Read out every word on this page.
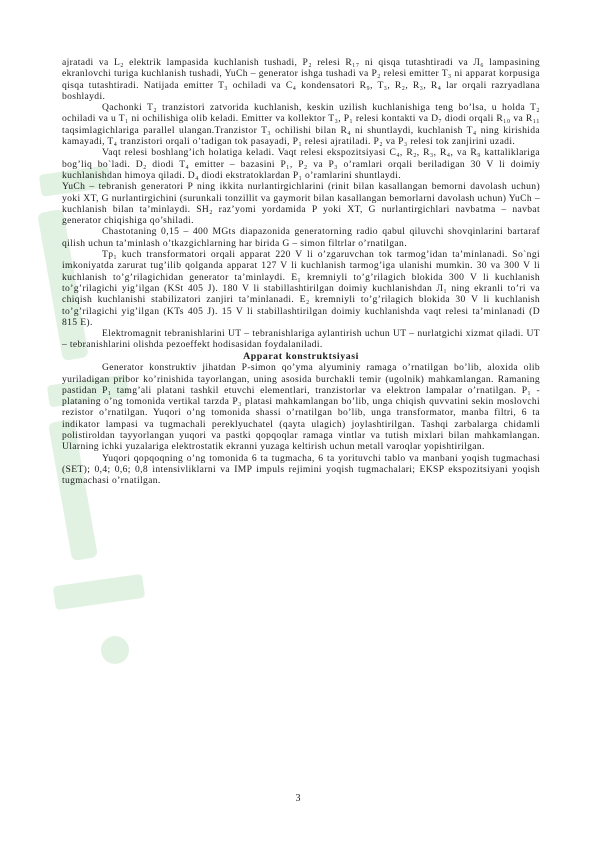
ajratadi va L₂ elektrik lampasida kuchlanish tushadi, P₂ relesi R₁₇ ni qisqa tutashtiradi va Л₆ lampasining ekranlovchi turiga kuchlanish tushadi, YuCh – generator ishga tushadi va P₂ relesi emitter T₃ ni apparat korpusiga qisqa tutashtiradi. Natijada emitter T₃ ochiladi va C₄ kondensatori R₉, T₃, R₂, R₃, R₄ lar orqali razryadlana boshlaydi.

Qachonki T₂ tranzistori zatvorida kuchlanish, keskin uzilish kuchlanishiga teng bo’lsa, u holda T₂ ochiladi va u T₁ ni ochilishiga olib keladi. Emitter va kollektor T₃, P₁ relesi kontakti va D₇ diodi orqali R₁₀ va R₁₁ taqsimlagichlariga parallel ulangan.Tranzistor T₃ ochilishi bilan R₄ ni shuntlaydi, kuchlanish T₄ ning kirishida kamayadi, T₄ tranzistori orqali o’tadigan tok pasayadi, P₁ relesi ajratiladi. P₂ va P₃ relesi tok zanjirini uzadi.

Vaqt relesi boshlang’ich holatiga keladi. Vaqt relesi ekspozitsiyasi C₄, R₂, R₃, R₄, va R₉ kattaliklariga bog’liq bo`ladi. D₂ diodi T₄ emitter – bazasini P₁, P₂ va P₃ o’ramlari orqali beriladigan 30 V li doimiy kuchlanishdan himoya qiladi. D₄ diodi ekstratoklardan P₁ o’ramlarini shuntlaydi.

YuCh – tebranish generatori P ning ikkita nurlantirgichlarini (rinit bilan kasallangan bemorni davolash uchun) yoki XT, G nurlantirgichini (surunkali tonzillit va gaymorit bilan kasallangan bemorlarni davolash uchun) YuCh – kuchlanish bilan ta’minlaydi. SH₂ raz’yomi yordamida P yoki XT, G nurlantirgichlari navbatma – navbat generator chiqishiga qo’shiladi.

Chastotaning 0,15 – 400 MGts diapazonida generatorning radio qabul qiluvchi shovqinlarini bartaraf qilish uchun ta’minlash o’tkazgichlarning har birida G – simon filtrlar o’rnatilgan.

Tp₁ kuch transformatori orqali apparat 220 V li o’zgaruvchan tok tarmog’idan ta’minlanadi. So`ngi imkoniyatda zarurat tug’ilib qolganda apparat 127 V li kuchlanish tarmog’iga ulanishi mumkin. 30 va 300 V li kuchlanish to’g’rilagichidan generator ta’minlaydi. E₁ kremniyli to’g’rilagich blokida 300 V li kuchlanish to’g’rilagichi yig’ilgan (KSt 405 J). 180 V li stabillashtirilgan doimiy kuchlanishdan Л₁ ning ekranli to’ri va chiqish kuchlanishi stabilizatori zanjiri ta’minlanadi. E₂ kremniyli to’g’rilagich blokida 30 V li kuchlanish to’g’rilagichi yig’ilgan (KTs 405 J). 15 V li stabillashtirilgan doimiy kuchlanishda vaqt relesi ta’minlanadi (D 815 E).

Elektromagnit tebranishlarini UT – tebranishlariga aylantirish uchun UT – nurlatgichi xizmat qiladi. UT – tebranishlarini olishda pezoeffekt hodisasidan foydalaniladi.

Apparat konstruktsiyasi

Generator konstruktiv jihatdan P-simon qo’yma alyuminiy ramaga o’rnatilgan bo’lib, aloxida olib yuriladigan pribor ko’rinishida tayorlangan, uning asosida burchakli temir (ugolnik) mahkamlangan. Ramaning pastidan P₁ tamg’ali platani tashkil etuvchi elementlari, tranzistorlar va elektron lampalar o’rnatilgan. P₁ -plataning o’ng tomonida vertikal tarzda P₃ platasi mahkamlangan bo’lib, unga chiqish quvvatini sekin moslovchi rezistor o’rnatilgan. Yuqori o’ng tomonida shassi o’rnatilgan bo’lib, unga transformator, manba filtri, 6 ta indikator lampasi va tugmachali pereklyuchatel (qayta ulagich) joylashtirilgan. Tashqi zarbalarga chidamli polistiroldan tayyorlangan yuqori va pastki qopqoqlar ramaga vintlar va tutish mixlari bilan mahkamlangan. Ularning ichki yuzalariga elektrostatik ekranni yuzaga keltirish uchun metall varoqlar yopishtirilgan.

Yuqori qopqoqning o’ng tomonida 6 ta tugmacha, 6 ta yorituvchi tablo va manbani yoqish tugmachasi (SET); 0,4; 0,6; 0,8 intensivliklarni va IMP impuls rejimini yoqish tugmachalari; EKSP ekspozitsiyani yoqish tugmachasi o’rnatilgan.

3
